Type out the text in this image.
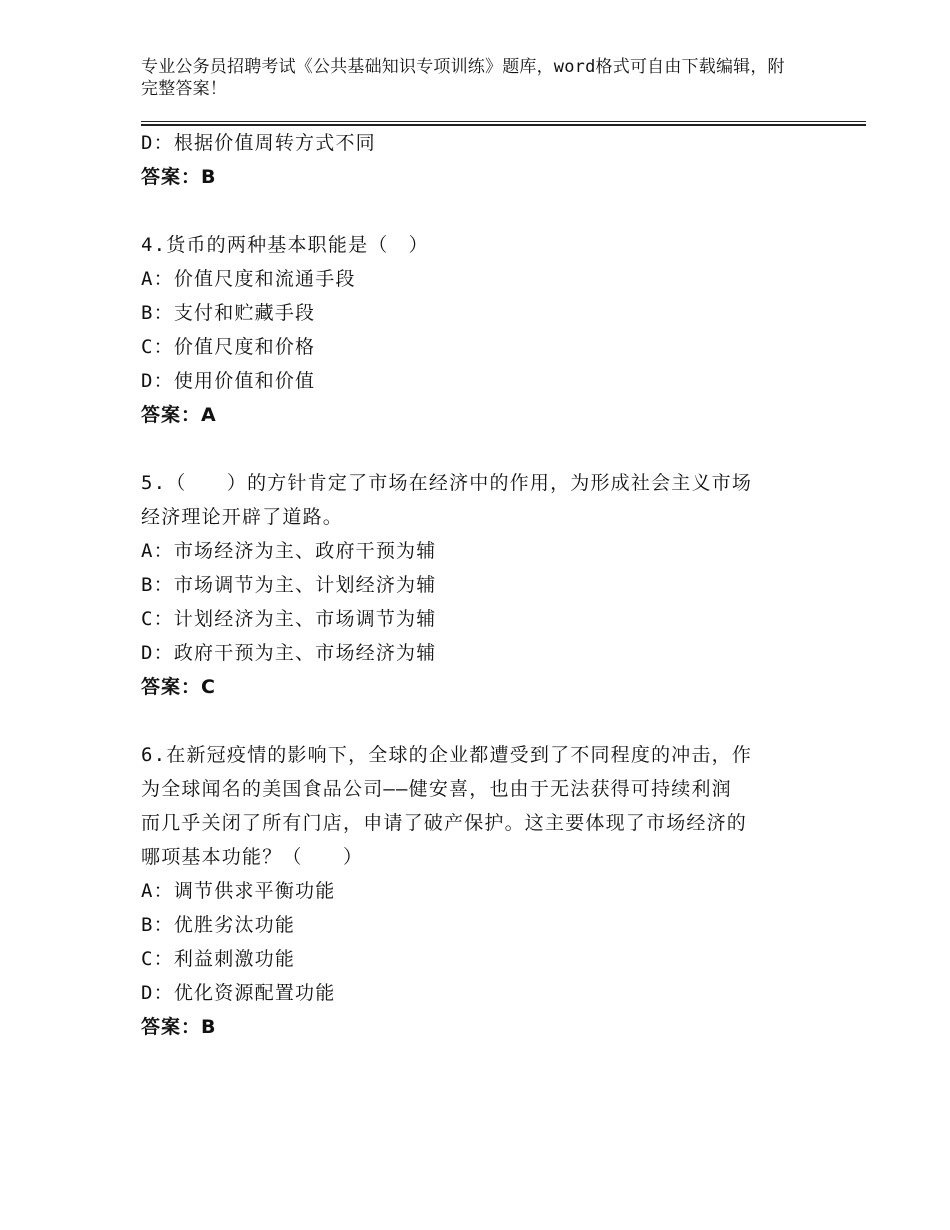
专业公务员招聘考试《公共基础知识专项训练》题库，word格式可自由下载编辑，附完整答案！
D：根据价值周转方式不同
答案：B
4.货币的两种基本职能是（　）
A：价值尺度和流通手段
B：支付和贮藏手段
C：价值尺度和价格
D：使用价值和价值
答案：A
5.（　　）的方针肯定了市场在经济中的作用，为形成社会主义市场
经济理论开辟了道路。
A：市场经济为主、政府干预为辅
B：市场调节为主、计划经济为辅
C：计划经济为主、市场调节为辅
D：政府干预为主、市场经济为辅
答案：C
6.在新冠疫情的影响下，全球的企业都遭受到了不同程度的冲击，作
为全球闻名的美国食品公司——健安喜，也由于无法获得可持续利润
而几乎关闭了所有门店，申请了破产保护。这主要体现了市场经济的
哪项基本功能？（　　）
A：调节供求平衡功能
B：优胜劣汰功能
C：利益刺激功能
D：优化资源配置功能
答案：B
